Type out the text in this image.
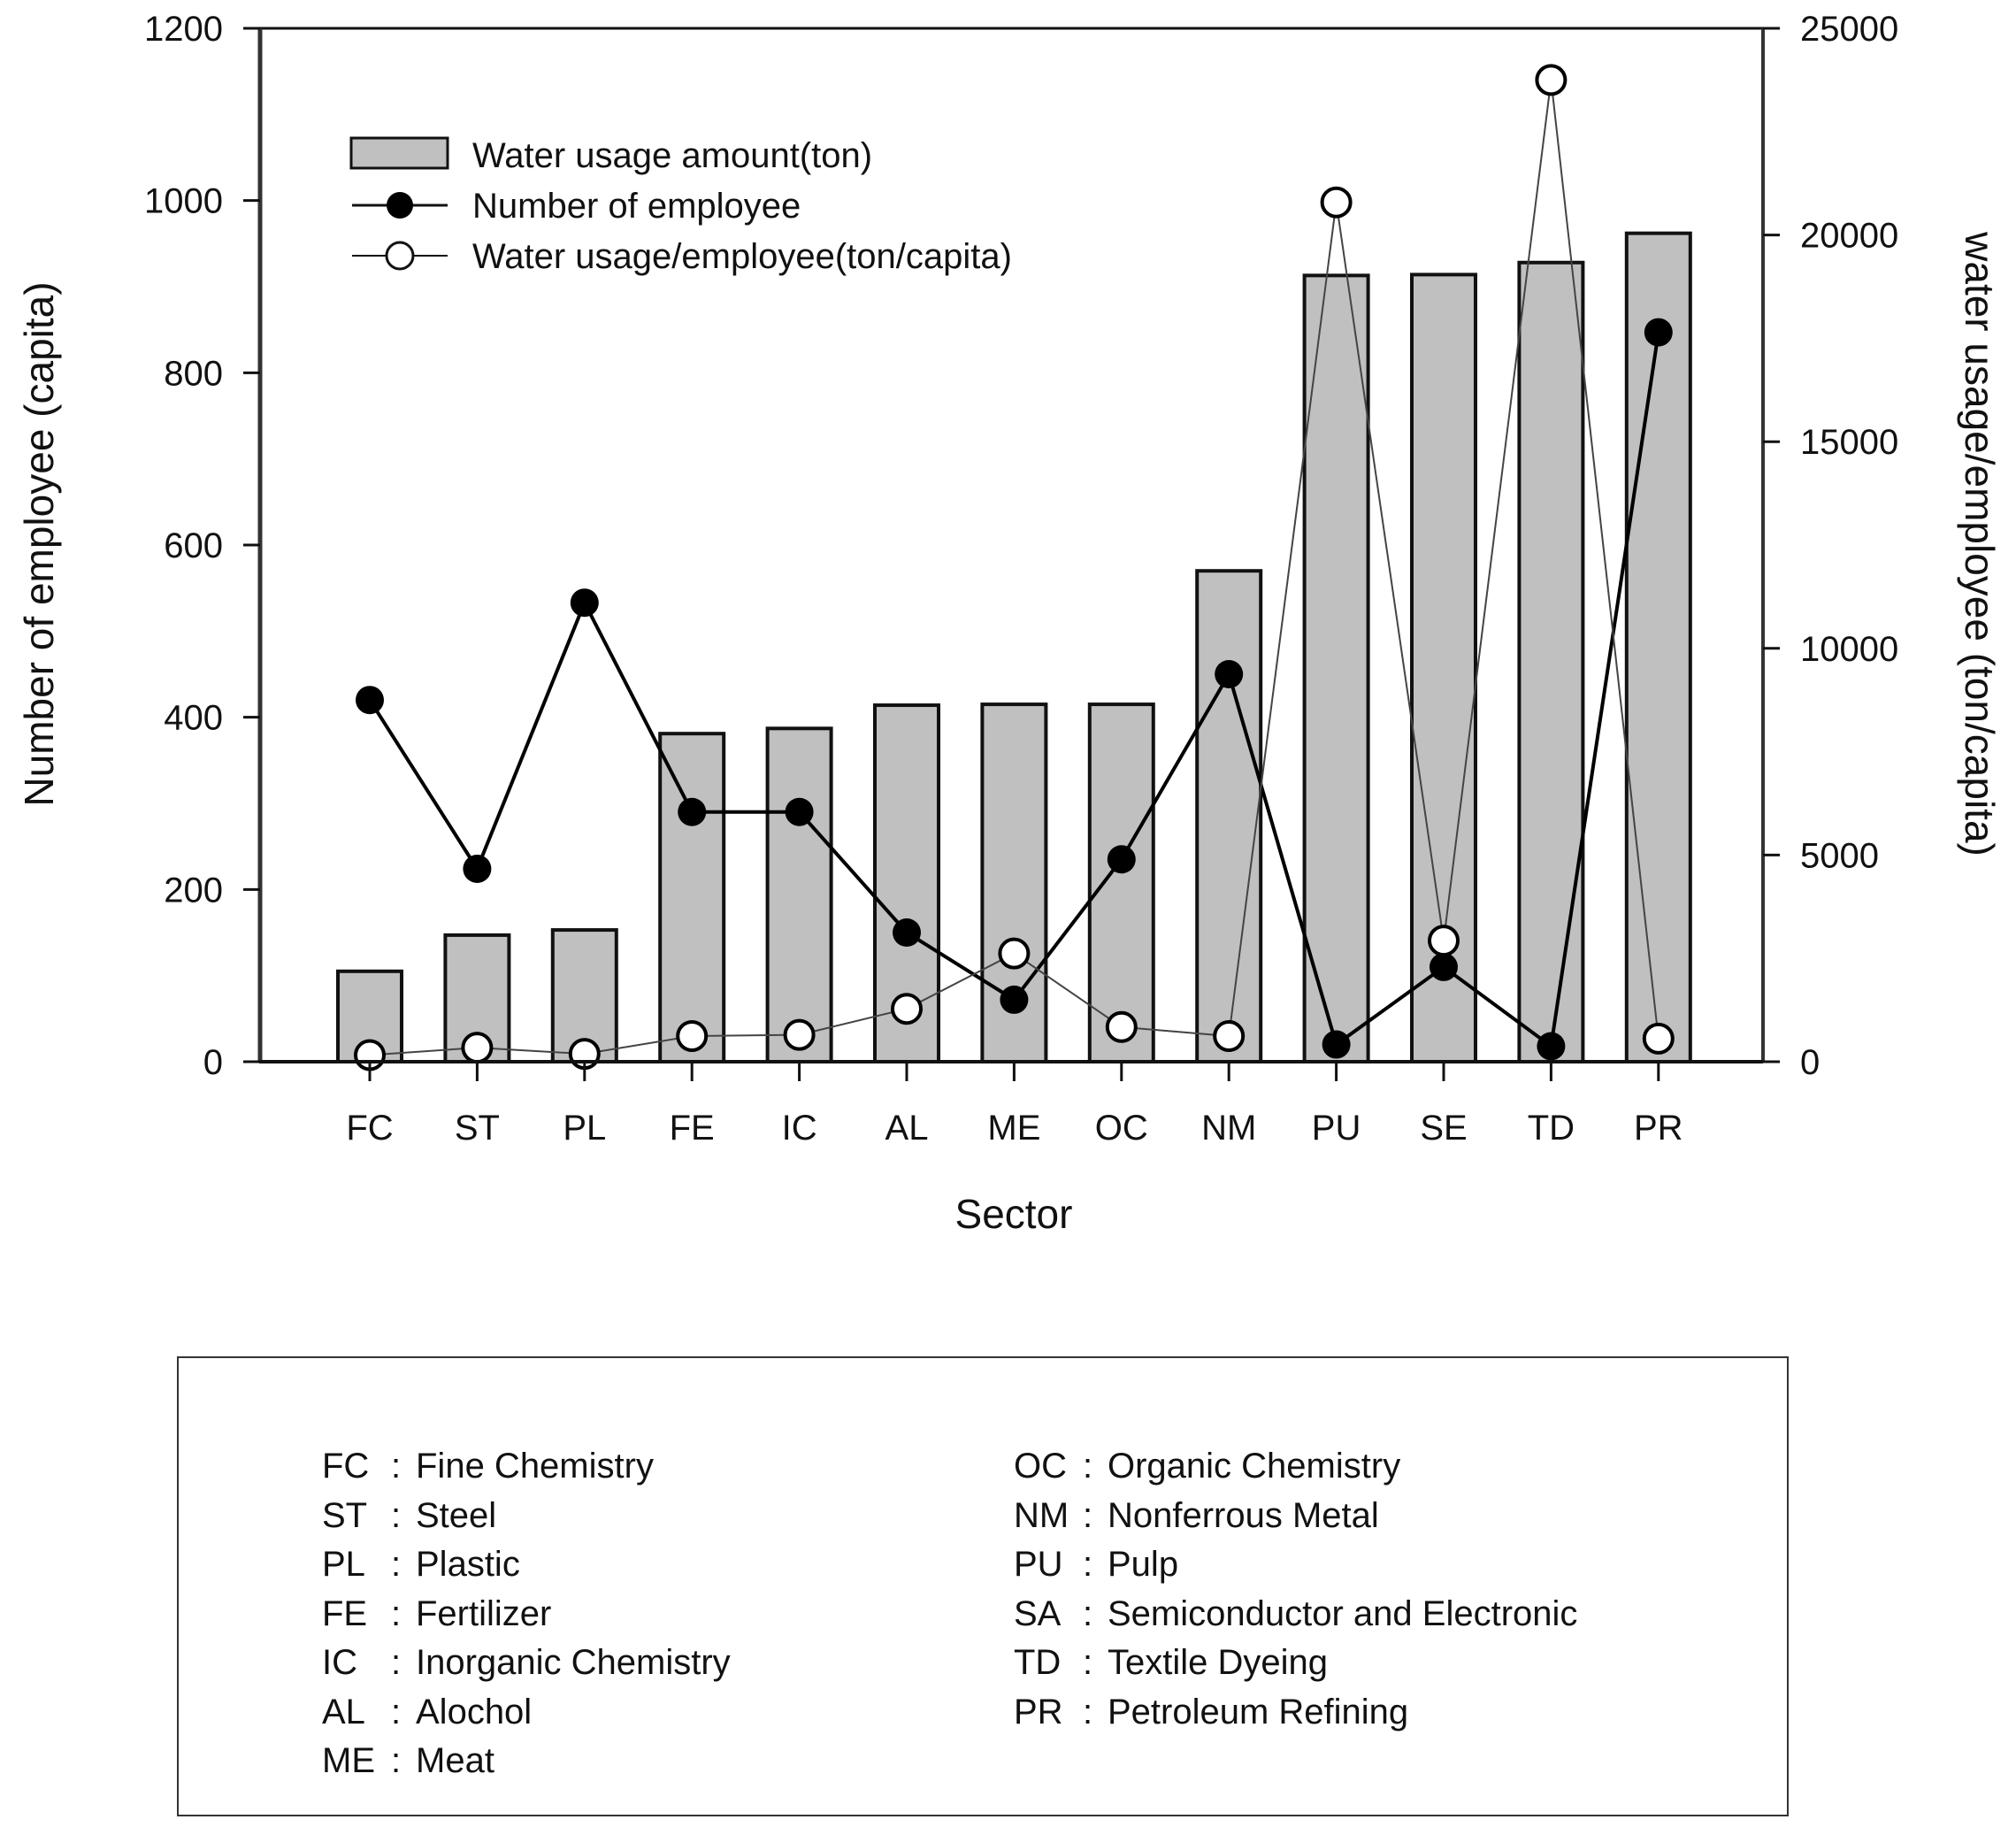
0
200
400
600
800
1000
1200
0
5000
10000
15000
20000
25000
FC ST PL FE IC AL ME OC NM PU SE TD PR
Sector
Number of employee (capita)	water usage/employee (ton/capita)
Water usage amount(ton)
Number of employee
Water usage/employee(ton/capita)
FC : Fine Chemistry
ST : Steel
PL : Plastic
FE : Fertilizer
IC : Inorganic Chemistry
AL : Alochol
ME : Meat
OC : Organic Chemistry
NM : Nonferrous Metal
PU : Pulp
SA : Semiconductor and Electronic
TD : Textile Dyeing
PR : Petroleum Refining
